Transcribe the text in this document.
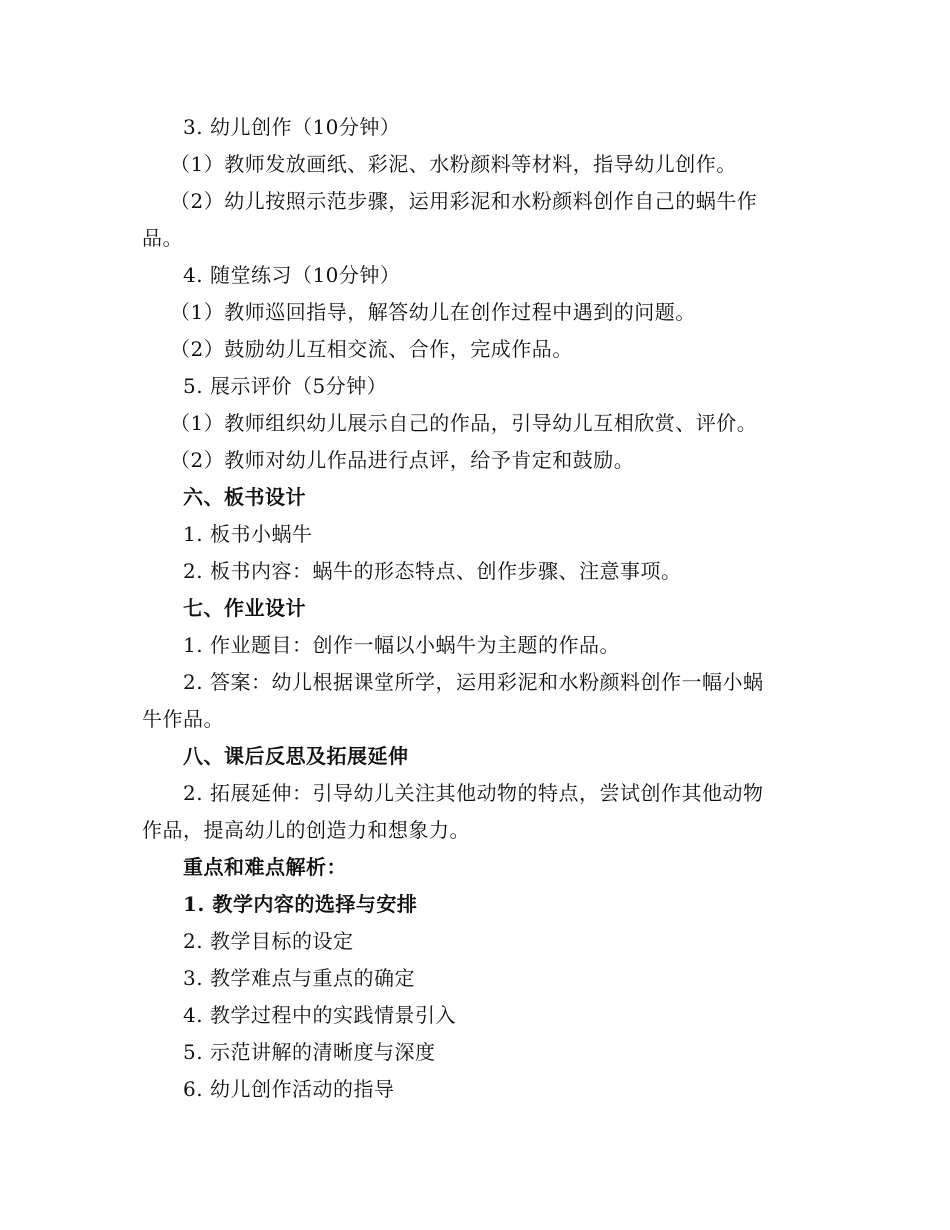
3. 幼儿创作（10分钟）
（1）教师发放画纸、彩泥、水粉颜料等材料，指导幼儿创作。
（2）幼儿按照示范步骤，运用彩泥和水粉颜料创作自己的蜗牛作
品。
4. 随堂练习（10分钟）
（1）教师巡回指导，解答幼儿在创作过程中遇到的问题。
（2）鼓励幼儿互相交流、合作，完成作品。
5. 展示评价（5分钟）
（1）教师组织幼儿展示自己的作品，引导幼儿互相欣赏、评价。
（2）教师对幼儿作品进行点评，给予肯定和鼓励。
六、板书设计
1. 板书小蜗牛
2. 板书内容：蜗牛的形态特点、创作步骤、注意事项。
七、作业设计
1. 作业题目：创作一幅以小蜗牛为主题的作品。
2. 答案：幼儿根据课堂所学，运用彩泥和水粉颜料创作一幅小蜗
牛作品。
八、课后反思及拓展延伸
2. 拓展延伸：引导幼儿关注其他动物的特点，尝试创作其他动物
作品，提高幼儿的创造力和想象力。
重点和难点解析：
1. 教学内容的选择与安排
2. 教学目标的设定
3. 教学难点与重点的确定
4. 教学过程中的实践情景引入
5. 示范讲解的清晰度与深度
6. 幼儿创作活动的指导
